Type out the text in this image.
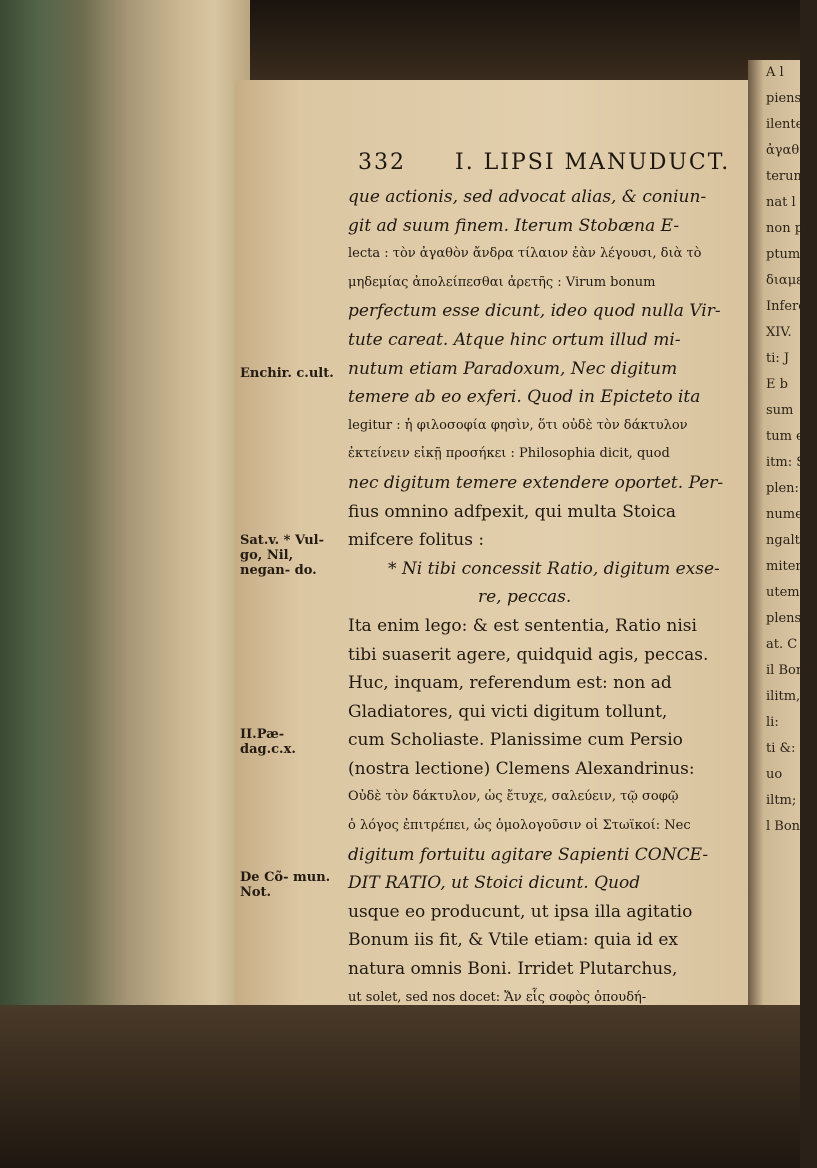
A l
piens s
ilenter
ἀγαθ
terum
nat l
non pl
ptum
διαμεν
Infere
XIV.
ti: J
E b
sum
tum est
itm: S
plen: ę
numera
ngalt
mitere
utemo
plens
at. C
il Boni
ilitm,
li:
ti &:
uo
iltm;
l Boni
332 I. LIPSI MANUDUCT.
Enchir. c.ult.
Sat.v. * Vul- go, Nil, negan- do.
II.Pæ- dag.c.x.
De Cõ- mun. Not.
que actionis, sed advocat alias, & coniun-
git ad suum finem. Iterum Stobæna E-
lecta : τὸν ἀγαθὸν ἄνδρα τίλαιον ἐὰν λέγουσι, διὰ τὸ
μηδεμίας ἀπολείπεσθαι ἀρετῆς : Virum bonum
perfectum esse dicunt, ideo quod nulla Vir-
tute careat. Atque hinc ortum illud mi-
nutum etiam Paradoxum, Nec digitum
temere ab eo exferi. Quod in Epicteto ita
legitur : ἡ φιλοσοφία φησὶν, ὅτι οὐδὲ τὸν δάκτυλον
ἐκτείνειν εἰκῇ προσήκει : Philosophia dicit, quod
nec digitum temere extendere oportet. Per-
fius omnino adfpexit, qui multa Stoica
mifcere folitus :
* Ni tibi concessit Ratio, digitum exse-
re, peccas.
Ita enim lego: & est sententia, Ratio nisi
tibi suaserit agere, quidquid agis, peccas.
Huc, inquam, referendum est: non ad
Gladiatores, qui victi digitum tollunt,
cum Scholiaste. Planissime cum Persio
(nostra lectione) Clemens Alexandrinus:
Οὐδὲ τὸν δάκτυλον, ὡς ἔτυχε, σαλεύειν, τῷ σοφῷ
ὁ λόγος ἐπιτρέπει, ὡς ὁμολογοῦσιν οἱ Στωϊκοί: Nec
digitum fortuitu agitare Sapienti CONCE-
DIT RATIO, ut Stoici dicunt. Quod
usque eo producunt, ut ipsa illa agitatio
Bonum iis fit, & Vtile etiam: quia id ex
natura omnis Boni. Irridet Plutarchus,
ut solet, sed nos docet: Ἄν εἷς σοφὸς ὁπουδή-
